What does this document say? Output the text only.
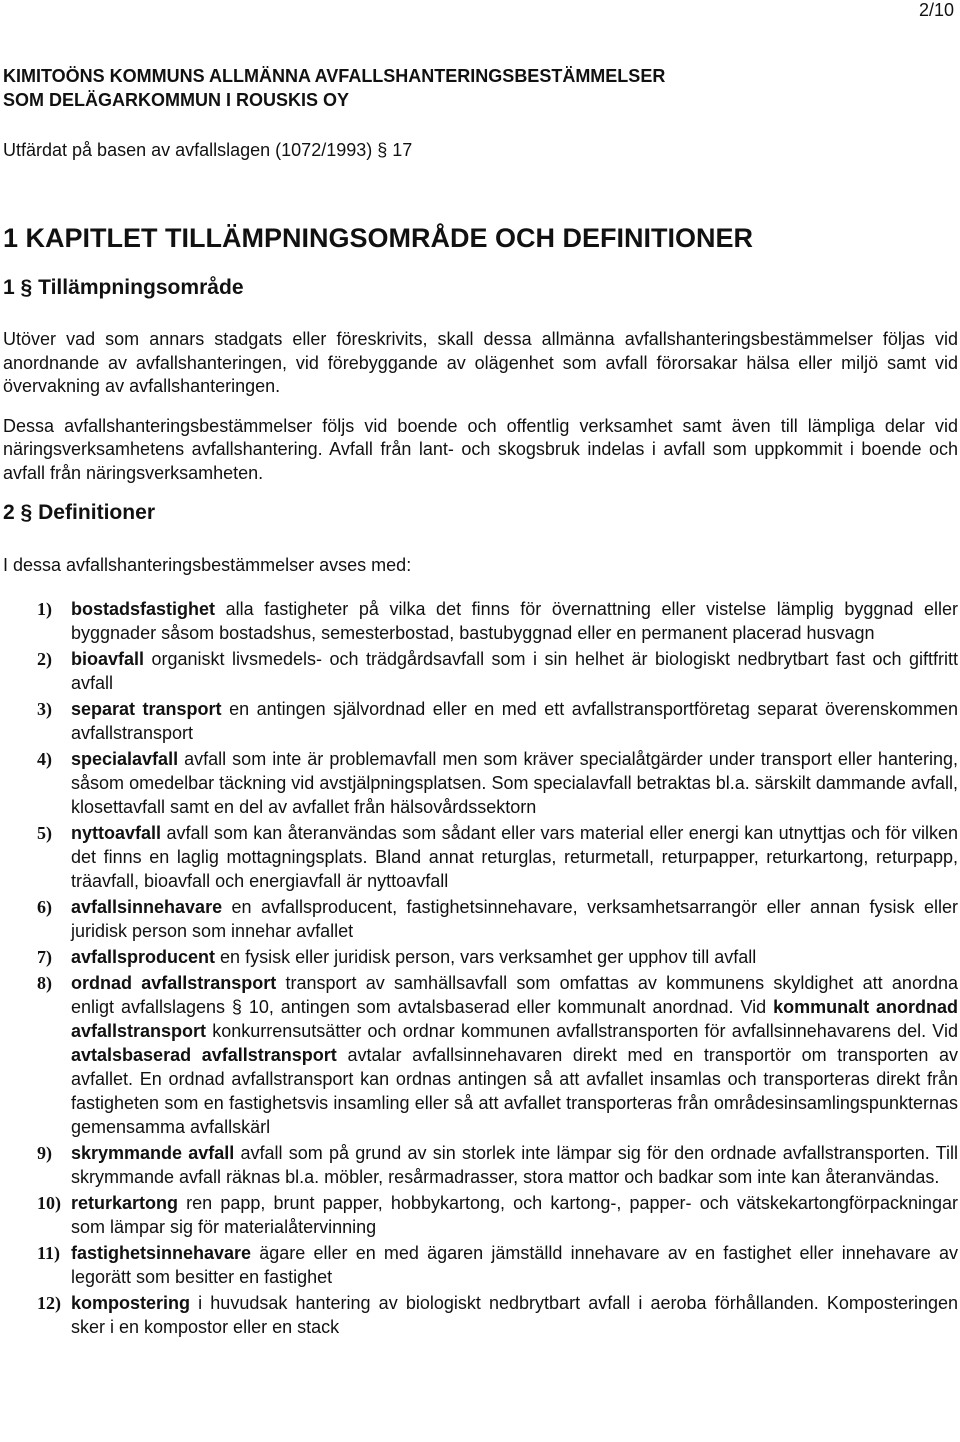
2/10
KIMITOÖNS KOMMUNS ALLMÄNNA AVFALLSHANTERINGSBESTÄMMELSER
SOM DELÄGARKOMMUN I ROUSKIS OY

Utfärdat på basen av avfallslagen (1072/1993) § 17

1 KAPITLET TILLÄMPNINGSOMRÅDE OCH DEFINITIONER
1 § Tillämpningsområde

Utöver vad som annars stadgats eller föreskrivits, skall dessa allmänna avfallshanteringsbestämmelser följas vid anordnande av avfallshanteringen, vid förebyggande av olägenhet som avfall förorsakar hälsa eller miljö samt vid övervakning av avfallshanteringen.

Dessa avfallshanteringsbestämmelser följs vid boende och offentlig verksamhet samt även till lämpliga delar vid näringsverksamhetens avfallshantering. Avfall från lant- och skogsbruk indelas i avfall som uppkommit i boende och avfall från näringsverksamheten.

2 § Definitioner

I dessa avfallshanteringsbestämmelser avses med:

1) bostadsfastighet alla fastigheter på vilka det finns för övernattning eller vistelse lämplig byggnad eller byggnader såsom bostadshus, semesterbostad, bastubyggnad eller en permanent placerad husvagn
2) bioavfall organiskt livsmedels- och trädgårdsavfall som i sin helhet är biologiskt nedbrytbart fast och giftfritt avfall
3) separat transport en antingen självordnad eller en med ett avfallstransportföretag separat överenskommen avfallstransport
4) specialavfall avfall som inte är problemavfall men som kräver specialåtgärder under transport eller hantering, såsom omedelbar täckning vid avstjälpningsplatsen. Som specialavfall betraktas bl.a. särskilt dammande avfall, klosettavfall samt en del av avfallet från hälsovårdssektorn
5) nyttoavfall avfall som kan återanvändas som sådant eller vars material eller energi kan utnyttjas och för vilken det finns en laglig mottagningsplats. Bland annat returglas, returmetall, returpapper, returkartong, returpapp, träavfall, bioavfall och energiavfall är nyttoavfall
6) avfallsinnehavare en avfallsproducent, fastighetsinnehavare, verksamhetsarrangör eller annan fysisk eller juridisk person som innehar avfallet
7) avfallsproducent en fysisk eller juridisk person, vars verksamhet ger upphov till avfall
8) ordnad avfallstransport transport av samhällsavfall som omfattas av kommunens skyldighet att anordna enligt avfallslagens § 10, antingen som avtalsbaserad eller kommunalt anordnad. Vid kommunalt anordnad avfallstransport konkurrensutsätter och ordnar kommunen avfallstransporten för avfallsinnehavarens del. Vid avtalsbaserad avfallstransport avtalar avfallsinnehavaren direkt med en transportör om transporten av avfallet. En ordnad avfallstransport kan ordnas antingen så att avfallet insamlas och transporteras direkt från fastigheten som en fastighetsvis insamling eller så att avfallet transporteras från områdesinsamlingspunkternas gemensamma avfallskärl
9) skrymmande avfall avfall som på grund av sin storlek inte lämpar sig för den ordnade avfallstransporten. Till skrymmande avfall räknas bl.a. möbler, resårmadrasser, stora mattor och badkar som inte kan återanvändas.
10) returkartong ren papp, brunt papper, hobbykartong, och kartong-, papper- och vätskekartongförpackningar som lämpar sig för materialåtervinning
11) fastighetsinnehavare ägare eller en med ägaren jämställd innehavare av en fastighet eller innehavare av legorätt som besitter en fastighet
12) kompostering i huvudsak hantering av biologiskt nedbrytbart avfall i aeroba förhållanden. Komposteringen sker i en kompostor eller en stack
